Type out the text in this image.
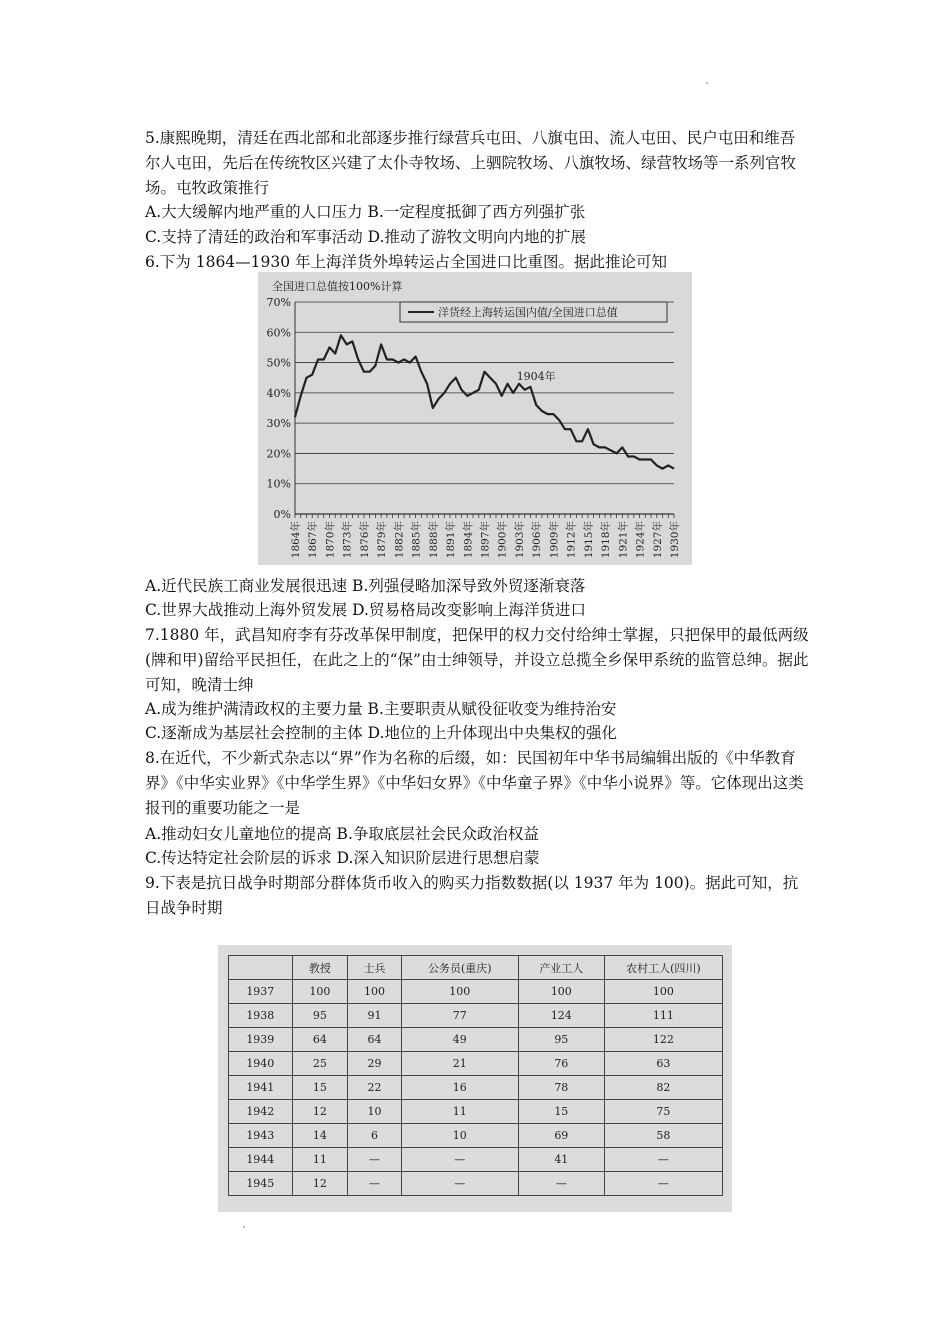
5.康熙晚期，清廷在西北部和北部逐步推行绿营兵屯田、八旗屯田、流人屯田、民户屯田和维吾尔人屯田，先后在传统牧区兴建了太仆寺牧场、上驷院牧场、八旗牧场、绿营牧场等一系列官牧场。屯牧政策推行

A.大大缓解内地严重的人口压力 B.一定程度抵御了西方列强扩张

C.支持了清廷的政治和军事活动 D.推动了游牧文明向内地的扩展

6.下为 1864—1930 年上海洋货外埠转运占全国进口比重图。据此推论可知

0%
10%
20%
30%
40%
50%
60%
70%
1864年 1867年 1870年 1873年 1876年 1879年 1882年 1885年 1888年 1891年 1894年 1897年 1900年 1903年 1906年 1909年 1912年 1915年 1918年 1921年 1924年 1927年 1930年
全国进口总值按100%计算
洋货经上海转运国内值/全国进口总值
1904年

A.近代民族工商业发展很迅速 B.列强侵略加深导致外贸逐渐衰落

C.世界大战推动上海外贸发展 D.贸易格局改变影响上海洋货进口

7.1880 年，武昌知府李有芬改革保甲制度，把保甲的权力交付给绅士掌握，只把保甲的最低两级(牌和甲)留给平民担任，在此之上的“保”由士绅领导，并设立总揽全乡保甲系统的监管总绅。据此可知，晚清士绅

A.成为维护满清政权的主要力量 B.主要职责从赋役征收变为维持治安

C.逐渐成为基层社会控制的主体 D.地位的上升体现出中央集权的强化

8.在近代，不少新式杂志以“界”作为名称的后缀，如：民国初年中华书局编辑出版的《中华教育界》《中华实业界》《中华学生界》《中华妇女界》《中华童子界》《中华小说界》等。它体现出这类报刊的重要功能之一是

A.推动妇女儿童地位的提高 B.争取底层社会民众政治权益

C.传达特定社会阶层的诉求 D.深入知识阶层进行思想启蒙

9.下表是抗日战争时期部分群体货币收入的购买力指数数据(以 1937 年为 100)。据此可知，抗日战争时期

	教授	士兵	公务员(重庆)	产业工人	农村工人(四川)
1937	100	100	100	100	100
1938	95	91	77	124	111
1939	64	64	49	95	122
1940	25	29	21	76	63
1941	15	22	16	78	82
1942	12	10	11	15	75
1943	14	6	10	69	58
1944	11	—	—	41	—
1945	12	—	—	—	—
